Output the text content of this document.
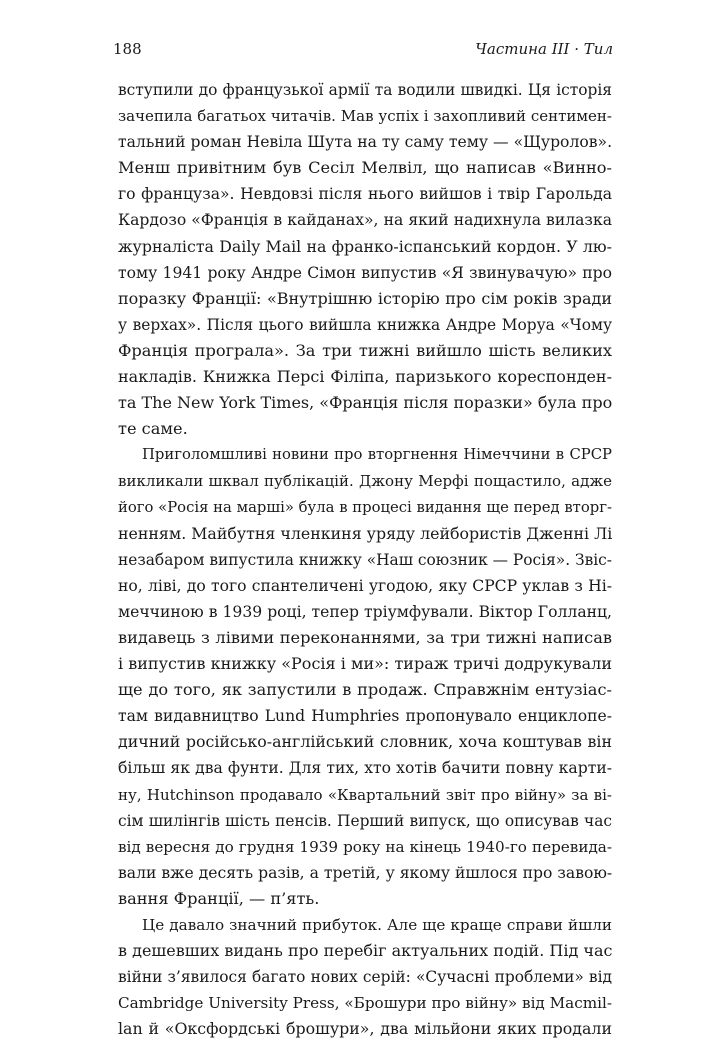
188	Частина III · Тил
вступили до французької армії та водили швидкі. Ця історія
зачепила багатьох читачів. Мав успіх і захопливий сентимен-
тальний роман Невіла Шута на ту саму тему — «Щуролов».
Менш привітним був Сесіл Мелвіл, що написав «Винно-
го француза». Невдовзі після нього вийшов і твір Гарольда
Кардозо «Франція в кайданах», на який надихнула вилазка
журналіста Daily Mail на франко-іспанський кордон. У лю-
тому 1941 року Андре Сімон випустив «Я звинувачую» про
поразку Франції: «Внутрішню історію про сім років зради
у верхах». Після цього вийшла книжка Андре Моруа «Чому
Франція програла». За три тижні вийшло шість великих
накладів. Книжка Персі Філіпа, паризького кореспонден-
та The New York Times, «Франція після поразки» була про
те саме.
Приголомшливі новини про вторгнення Німеччини в СРСР
викликали шквал публікацій. Джону Мерфі пощастило, адже
його «Росія на марші» була в процесі видання ще перед вторг-
ненням. Майбутня членкиня уряду лейбористів Дженні Лі
незабаром випустила книжку «Наш союзник — Росія». Звіс-
но, ліві, до того спантеличені угодою, яку СРСР уклав з Ні-
меччиною в 1939 році, тепер тріумфували. Віктор Голланц,
видавець з лівими переконаннями, за три тижні написав
і випустив книжку «Росія і ми»: тираж тричі додрукували
ще до того, як запустили в продаж. Справжнім ентузіас-
там видавництво Lund Humphries пропонувало енциклопе-
дичний російсько-англійський словник, хоча коштував він
більш як два фунти. Для тих, хто хотів бачити повну карти-
ну, Hutchinson продавало «Квартальний звіт про війну» за ві-
сім шилінгів шість пенсів. Перший випуск, що описував час
від вересня до грудня 1939 року на кінець 1940-го перевида-
вали вже десять разів, а третій, у якому йшлося про завою-
вання Франції, — п’ять.
Це давало значний прибуток. Але ще краще справи йшли
в дешевших видань про перебіг актуальних подій. Під час
війни з’явилося багато нових серій: «Сучасні проблеми» від
Cambridge University Press, «Брошури про війну» від Macmil-
lan й «Оксфордські брошури», два мільйони яких продали
